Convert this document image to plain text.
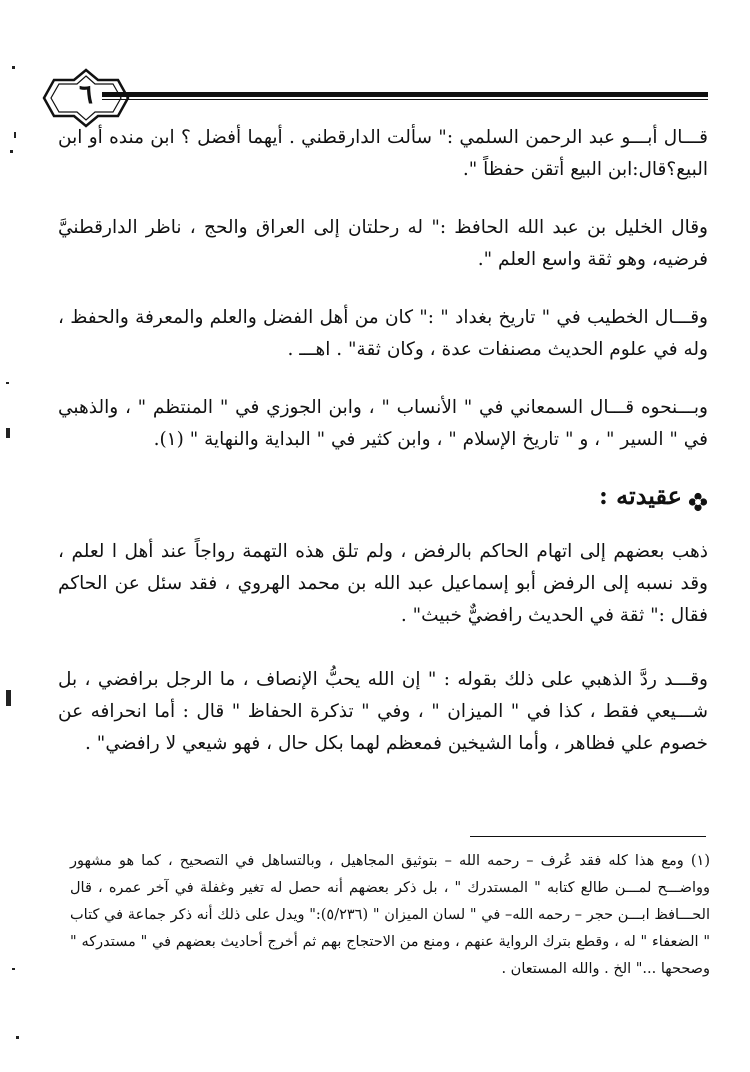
٦
قـــال أبـــو عبد الرحمن السلمي :" سألت الدارقطني . أيهما أفضل ؟ ابن منده أو ابن البيع؟قال:ابن البيع أتقن حفظاً ".
وقال الخليل بن عبد الله الحافظ :" له رحلتان إلى العراق والحج ، ناظر الدارقطنيَّ فرضيه، وهو ثقة واسع العلم ".
وقـــال الخطيب في " تاريخ بغداد " :" كان من أهل الفضل والعلم والمعرفة والحفظ ، وله في علوم الحديث مصنفات عدة ، وكان ثقة" . اهـــ .
وبـــنحوه قـــال السمعاني في " الأنساب " ، وابن الجوزي في " المنتظم " ، والذهبي في " السير " ، و " تاريخ الإسلام " ، وابن كثير في " البداية والنهاية " (١).
عقيدته :
ذهب بعضهم إلى اتهام الحاكم بالرفض ، ولم تلق هذه التهمة رواجاً عند أهل ا لعلم ، وقد نسبه إلى الرفض أبو إسماعيل عبد الله بن محمد الهروي ، فقد سئل عن الحاكم فقال :" ثقة في الحديث رافضيٌّ خبيث" .
وقـــد ردَّ الذهبي على ذلك بقوله : " إن الله يحبُّ الإنصاف ، ما الرجل برافضي ، بل شـــيعي فقط ، كذا في " الميزان " ، وفي " تذكرة الحفاظ " قال : أما انحرافه عن خصوم علي فظاهر ، وأما الشيخين فمعظم لهما بكل حال ، فهو شيعي لا رافضي" .
(١) ومع هذا كله فقد عُرف – رحمه الله – بتوثيق المجاهيل ، وبالتساهل في التصحيح ، كما هو مشهور وواضـــح لمـــن طالع كتابه " المستدرك " ، بل ذكر بعضهم أنه حصل له تغير وغفلة في آخر عمره ، قال الحـــافظ ابـــن حجر – رحمه الله– في " لسان الميزان " (٥/٢٣٦):" ويدل على ذلك أنه ذكر جماعة في كتاب " الضعفاء " له ، وقطع بترك الرواية عنهم ، ومنع من الاحتجاج بهم ثم أخرج أحاديث بعضهم في " مستدركه " وصححها ..." الخ . والله المستعان .
